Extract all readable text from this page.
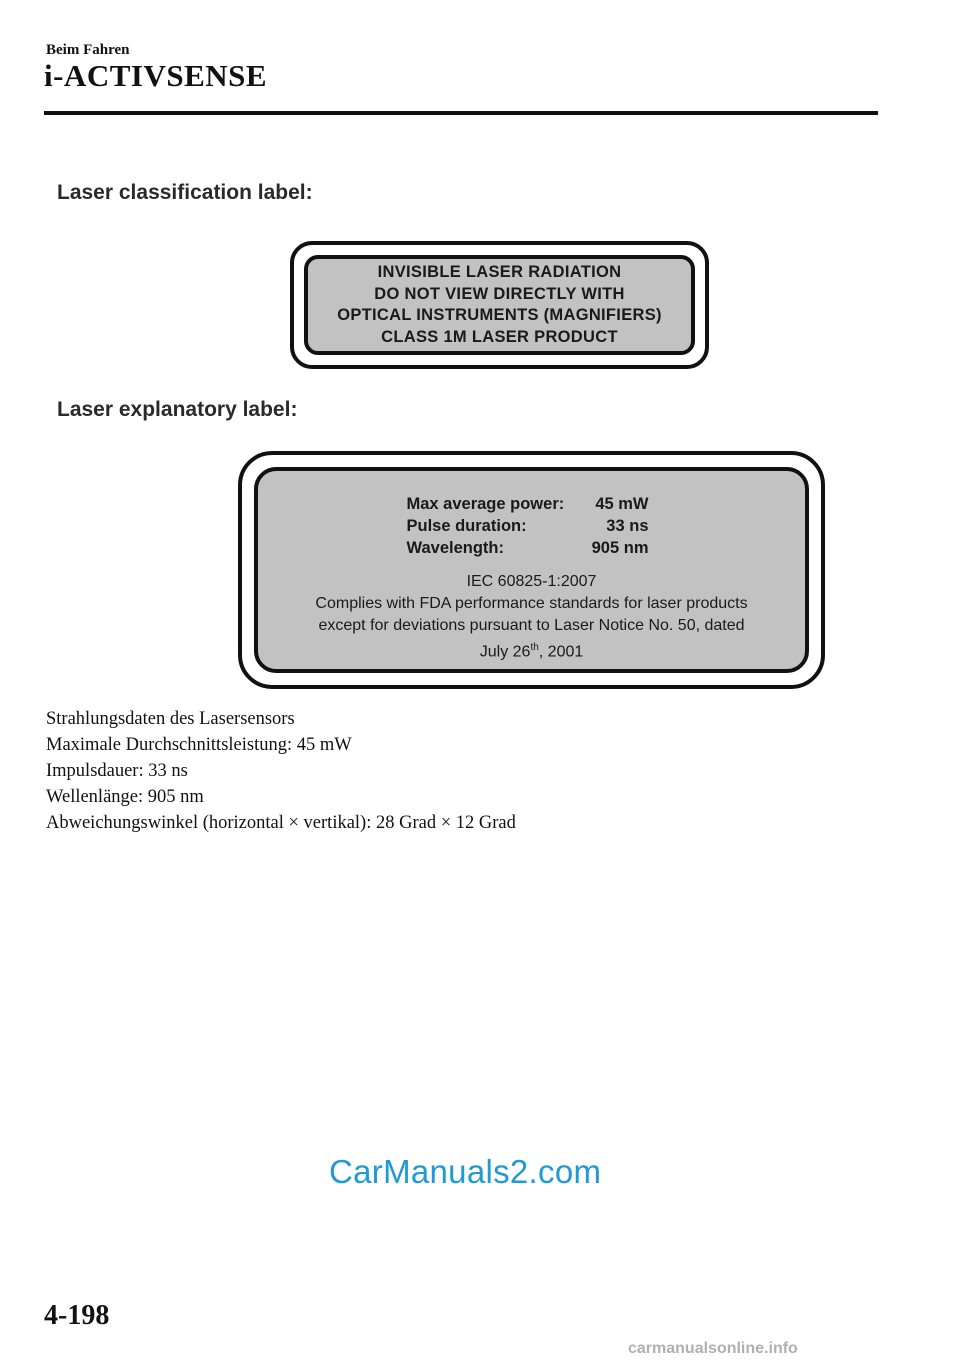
Beim Fahren
i-ACTIVSENSE
Laser classification label:
INVISIBLE LASER RADIATION
DO NOT VIEW DIRECTLY WITH
OPTICAL INSTRUMENTS (MAGNIFIERS)
CLASS 1M LASER PRODUCT
Laser explanatory label:
Max average power:	45 mW
Pulse duration:	33 ns
Wavelength:	905 nm
IEC 60825-1:2007
Complies with FDA performance standards for laser products
except for deviations pursuant to Laser Notice No. 50, dated
July 26th, 2001
Strahlungsdaten des Lasersensors
Maximale Durchschnittsleistung: 45 mW
Impulsdauer: 33 ns
Wellenlänge: 905 nm
Abweichungswinkel (horizontal × vertikal): 28 Grad × 12 Grad
CarManuals2.com
4-198
carmanualsonline.info
